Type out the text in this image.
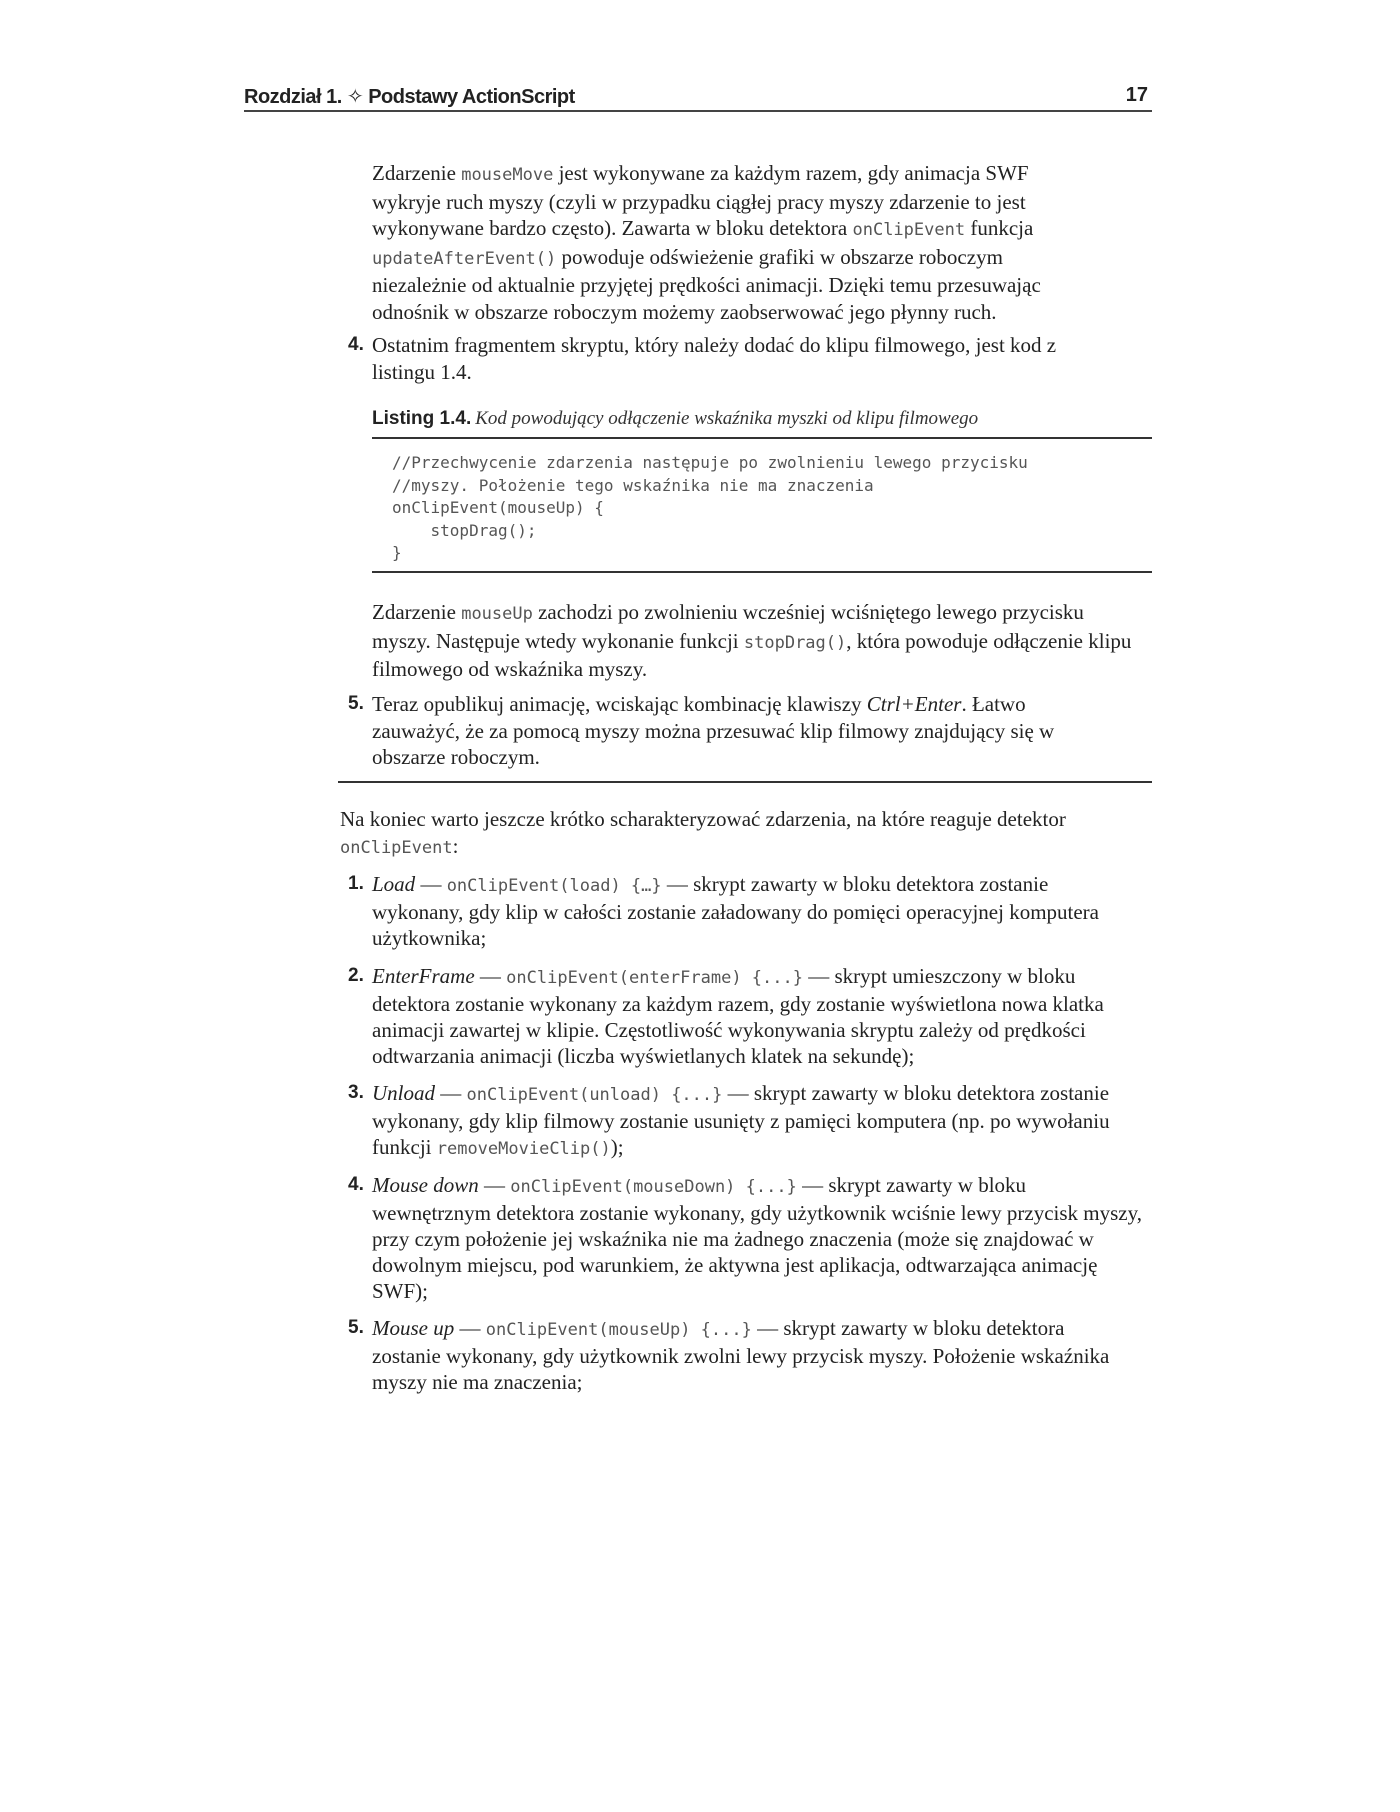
Rozdział 1. ✧ Podstawy ActionScript	17

Zdarzenie mouseMove jest wykonywane za każdym razem, gdy animacja SWF wykryje ruch myszy (czyli w przypadku ciągłej pracy myszy zdarzenie to jest wykonywane bardzo często). Zawarta w bloku detektora onClipEvent funkcja updateAfterEvent() powoduje odświeżenie grafiki w obszarze roboczym niezależnie od aktualnie przyjętej prędkości animacji. Dzięki temu przesuwając odnośnik w obszarze roboczym możemy zaobserwować jego płynny ruch.

4. Ostatnim fragmentem skryptu, który należy dodać do klipu filmowego, jest kod z listingu 1.4.
Listing 1.4. Kod powodujący odłączenie wskaźnika myszki od klipu filmowego
//Przechwycenie zdarzenia następuje po zwolnieniu lewego przycisku
//myszy. Położenie tego wskaźnika nie ma znaczenia
onClipEvent(mouseUp) {
stopDrag();
}

Zdarzenie mouseUp zachodzi po zwolnieniu wcześniej wciśniętego lewego przycisku myszy. Następuje wtedy wykonanie funkcji stopDrag(), która powoduje odłączenie klipu filmowego od wskaźnika myszy.

5. Teraz opublikuj animację, wciskając kombinację klawiszy Ctrl+Enter. Łatwo zauważyć, że za pomocą myszy można przesuwać klip filmowy znajdujący się w obszarze roboczym.

Na koniec warto jeszcze krótko scharakteryzować zdarzenia, na które reaguje detektor onClipEvent:

1. Load — onClipEvent(load) {…} — skrypt zawarty w bloku detektora zostanie wykonany, gdy klip w całości zostanie załadowany do pomięci operacyjnej komputera użytkownika;
2. EnterFrame — onClipEvent(enterFrame) {...} — skrypt umieszczony w bloku detektora zostanie wykonany za każdym razem, gdy zostanie wyświetlona nowa klatka animacji zawartej w klipie. Częstotliwość wykonywania skryptu zależy od prędkości odtwarzania animacji (liczba wyświetlanych klatek na sekundę);
3. Unload — onClipEvent(unload) {...} — skrypt zawarty w bloku detektora zostanie wykonany, gdy klip filmowy zostanie usunięty z pamięci komputera (np. po wywołaniu funkcji removeMovieClip());
4. Mouse down — onClipEvent(mouseDown) {...} — skrypt zawarty w bloku wewnętrznym detektora zostanie wykonany, gdy użytkownik wciśnie lewy przycisk myszy, przy czym położenie jej wskaźnika nie ma żadnego znaczenia (może się znajdować w dowolnym miejscu, pod warunkiem, że aktywna jest aplikacja, odtwarzająca animację SWF);
5. Mouse up — onClipEvent(mouseUp) {...} — skrypt zawarty w bloku detektora zostanie wykonany, gdy użytkownik zwolni lewy przycisk myszy. Położenie wskaźnika myszy nie ma znaczenia;
